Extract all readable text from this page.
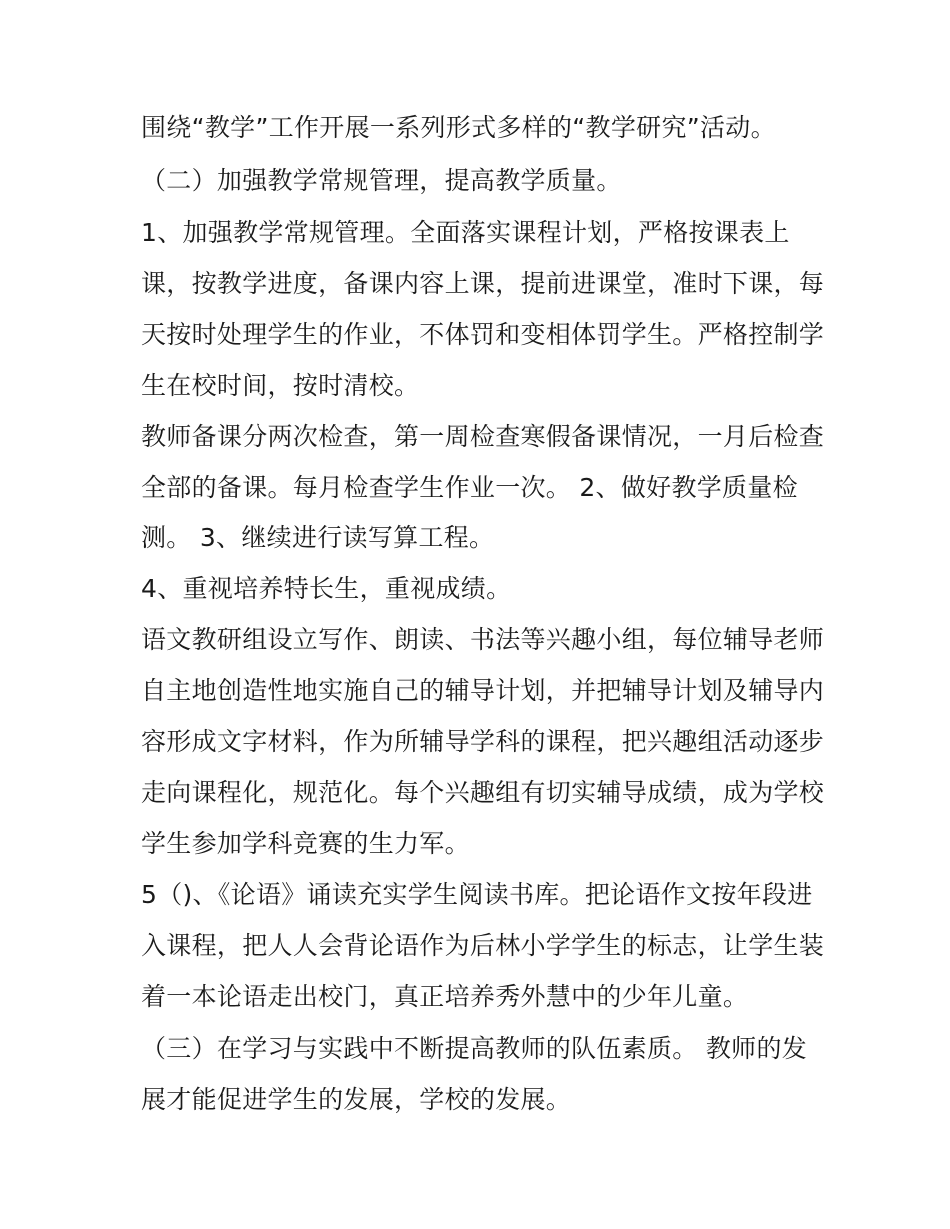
围绕“教学”工作开展一系列形式多样的“教学研究”活动。
（二）加强教学常规管理，提高教学质量。
1、加强教学常规管理。全面落实课程计划，严格按课表上
课，按教学进度，备课内容上课，提前进课堂，准时下课，每
天按时处理学生的作业，不体罚和变相体罚学生。严格控制学
生在校时间，按时清校。
教师备课分两次检查，第一周检查寒假备课情况，一月后检查
全部的备课。每月检查学生作业一次。 2、做好教学质量检
测。 3、继续进行读写算工程。
4、重视培养特长生，重视成绩。
语文教研组设立写作、朗读、书法等兴趣小组，每位辅导老师
自主地创造性地实施自己的辅导计划，并把辅导计划及辅导内
容形成文字材料，作为所辅导学科的课程，把兴趣组活动逐步
走向课程化，规范化。每个兴趣组有切实辅导成绩，成为学校
学生参加学科竞赛的生力军。
5（)、《论语》诵读充实学生阅读书库。把论语作文按年段进
入课程，把人人会背论语作为后林小学学生的标志，让学生装
着一本论语走出校门，真正培养秀外慧中的少年儿童。
（三）在学习与实践中不断提高教师的队伍素质。 教师的发
展才能促进学生的发展，学校的发展。
